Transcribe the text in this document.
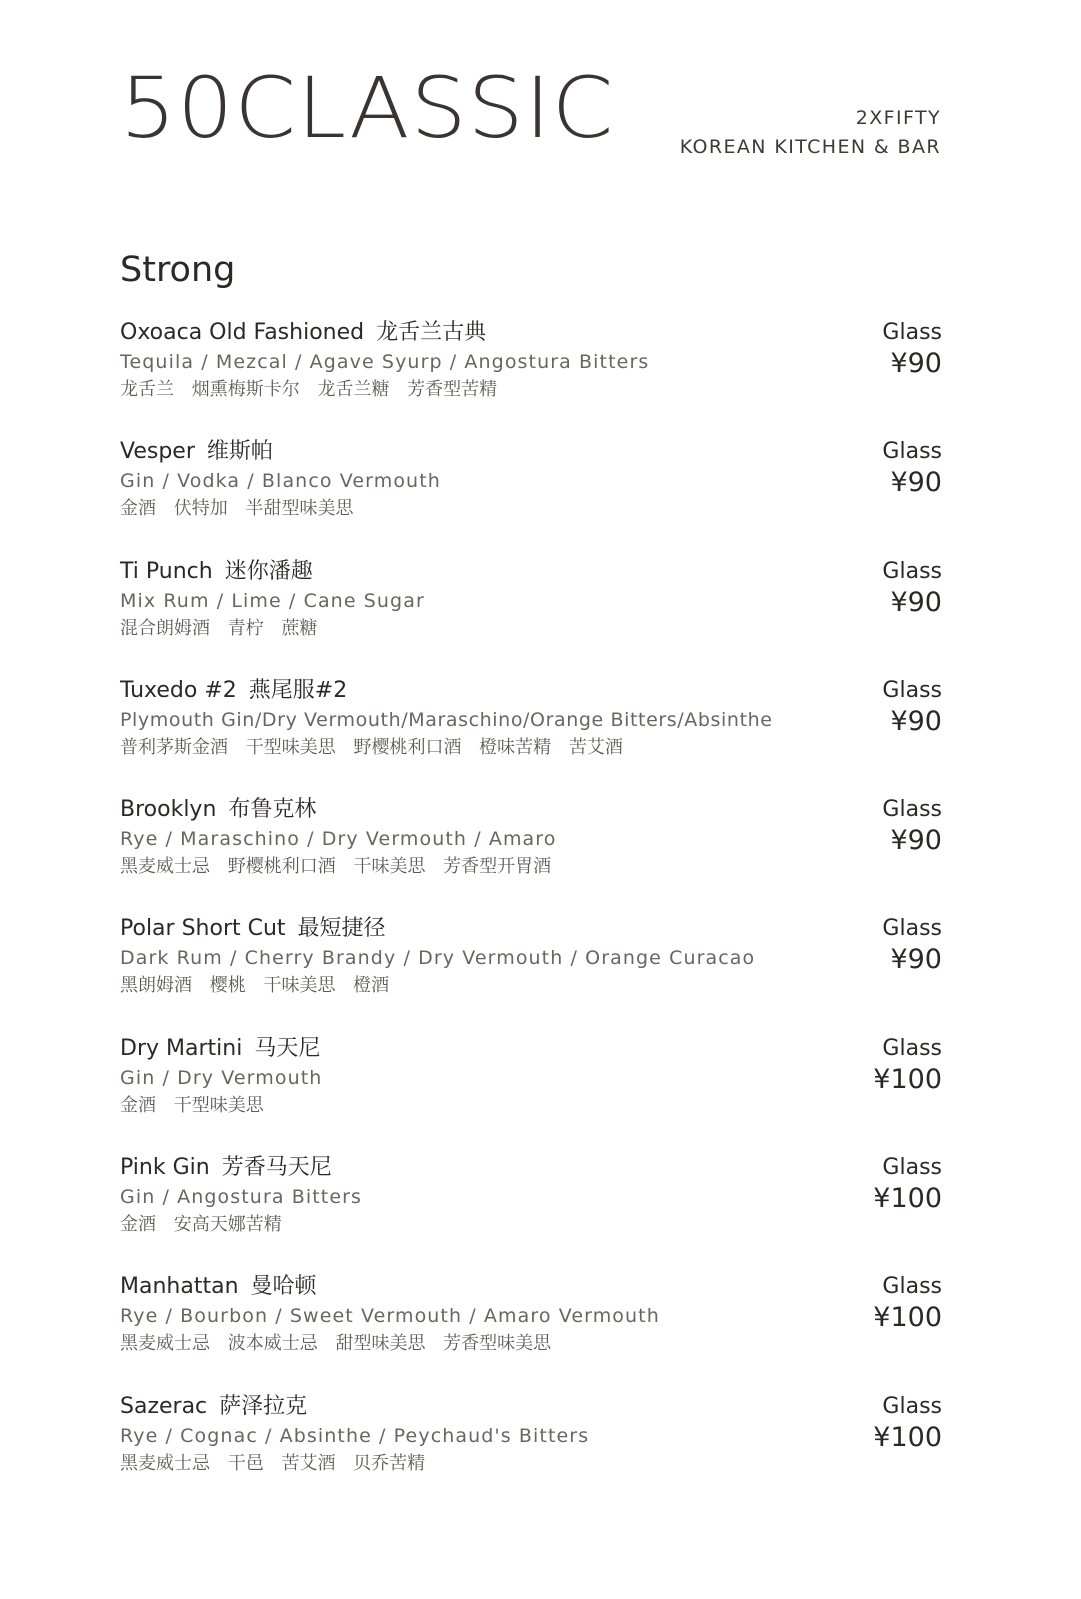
50CLASSIC	2XFIFTY
KOREAN KITCHEN & BAR
Strong
Oxoaca Old Fashioned 龙舌兰古典
Tequila / Mezcal / Agave Syurp / Angostura Bitters
龙舌兰 烟熏梅斯卡尔 龙舌兰糖 芳香型苦精
Glass
¥90
Vesper 维斯帕
Gin / Vodka / Blanco Vermouth
金酒 伏特加 半甜型味美思
Glass
¥90
Ti Punch 迷你潘趣
Mix Rum / Lime / Cane Sugar
混合朗姆酒 青柠 蔗糖
Glass
¥90
Tuxedo #2 燕尾服#2
Plymouth Gin/Dry Vermouth/Maraschino/Orange Bitters/Absinthe
普利茅斯金酒 干型味美思 野樱桃利口酒 橙味苦精 苦艾酒
Glass
¥90
Brooklyn 布鲁克林
Rye / Maraschino / Dry Vermouth / Amaro
黑麦威士忌 野樱桃利口酒 干味美思 芳香型开胃酒
Glass
¥90
Polar Short Cut 最短捷径
Dark Rum / Cherry Brandy / Dry Vermouth / Orange Curacao
黑朗姆酒 樱桃 干味美思 橙酒
Glass
¥90
Dry Martini 马天尼
Gin / Dry Vermouth
金酒 干型味美思
Glass
¥100
Pink Gin 芳香马天尼
Gin / Angostura Bitters
金酒 安高天娜苦精
Glass
¥100
Manhattan 曼哈顿
Rye / Bourbon / Sweet Vermouth / Amaro Vermouth
黑麦威士忌 波本威士忌 甜型味美思 芳香型味美思
Glass
¥100
Sazerac 萨泽拉克
Rye / Cognac / Absinthe / Peychaud's Bitters
黑麦威士忌 干邑 苦艾酒 贝乔苦精
Glass
¥100
